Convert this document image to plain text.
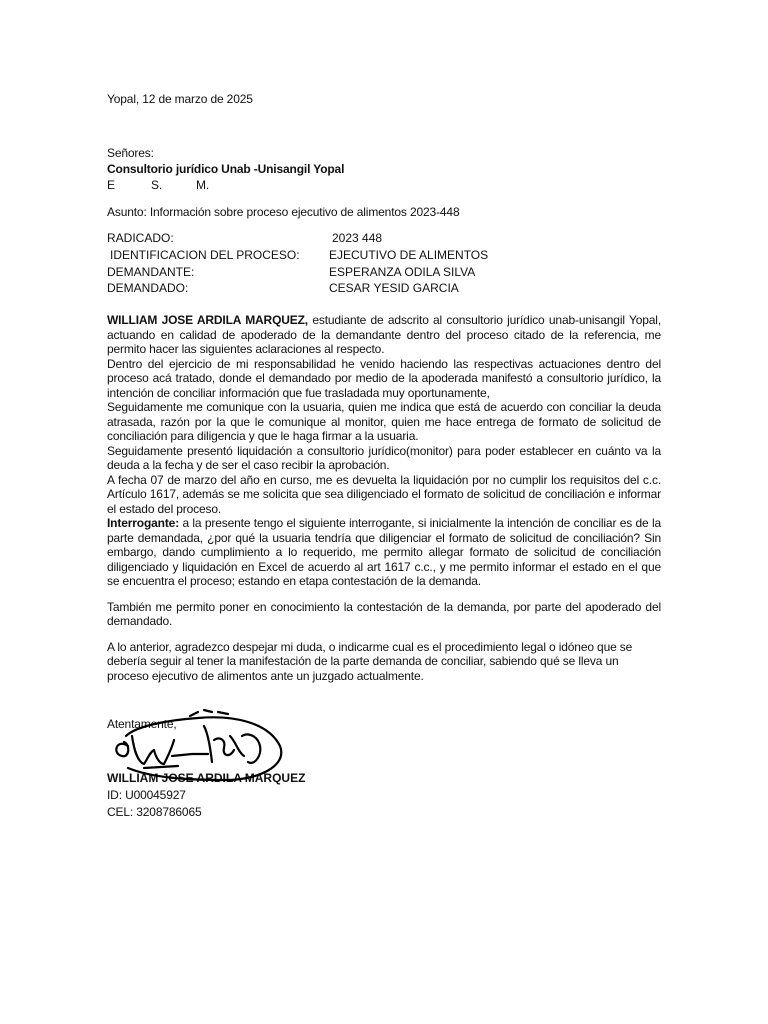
Yopal, 12 de marzo de 2025
Señores:
Consultorio jurídico Unab -Unisangil Yopal
E	S.	M.
Asunto: Información sobre proceso ejecutivo de alimentos 2023-448
RADICADO:	2023 448
IDENTIFICACION DEL PROCESO: EJECUTIVO DE ALIMENTOS
DEMANDANTE:	ESPERANZA ODILA SILVA
DEMANDADO:	CESAR YESID GARCIA
WILLIAM JOSE ARDILA MARQUEZ, estudiante de adscrito al consultorio jurídico unab-unisangil Yopal, actuando en calidad de apoderado de la demandante dentro del proceso citado de la referencia, me permito hacer las siguientes aclaraciones al respecto.
Dentro del ejercicio de mi responsabilidad he venido haciendo las respectivas actuaciones dentro del proceso acá tratado, donde el demandado por medio de la apoderada manifestó a consultorio jurídico, la intención de conciliar información que fue trasladada muy oportunamente,
Seguidamente me comunique con la usuaria, quien me indica que está de acuerdo con conciliar la deuda atrasada, razón por la que le comunique al monitor, quien me hace entrega de formato de solicitud de conciliación para diligencia y que le haga firmar a la usuaria.
Seguidamente presentó liquidación a consultorio jurídico(monitor) para poder establecer en cuánto va la deuda a la fecha y de ser el caso recibir la aprobación.
A fecha 07 de marzo del año en curso, me es devuelta la liquidación por no cumplir los requisitos del c.c. Artículo 1617, además se me solicita que sea diligenciado el formato de solicitud de conciliación e informar el estado del proceso.
Interrogante: a la presente tengo el siguiente interrogante, si inicialmente la intención de conciliar es de la parte demandada, ¿por qué la usuaria tendría que diligenciar el formato de solicitud de conciliación? Sin embargo, dando cumplimiento a lo requerido, me permito allegar formato de solicitud de conciliación diligenciado y liquidación en Excel de acuerdo al art 1617 c.c., y me permito informar el estado en el que se encuentra el proceso; estando en etapa contestación de la demanda.
También me permito poner en conocimiento la contestación de la demanda, por parte del apoderado del demandado.
A lo anterior, agradezco despejar mi duda, o indicarme cual es el procedimiento legal o idóneo que se debería seguir al tener la manifestación de la parte demanda de conciliar, sabiendo qué se lleva un proceso ejecutivo de alimentos ante un juzgado actualmente.
Atentamente,
WILLIAM JOSE ARDILA MARQUEZ
ID: U00045927
CEL: 3208786065
